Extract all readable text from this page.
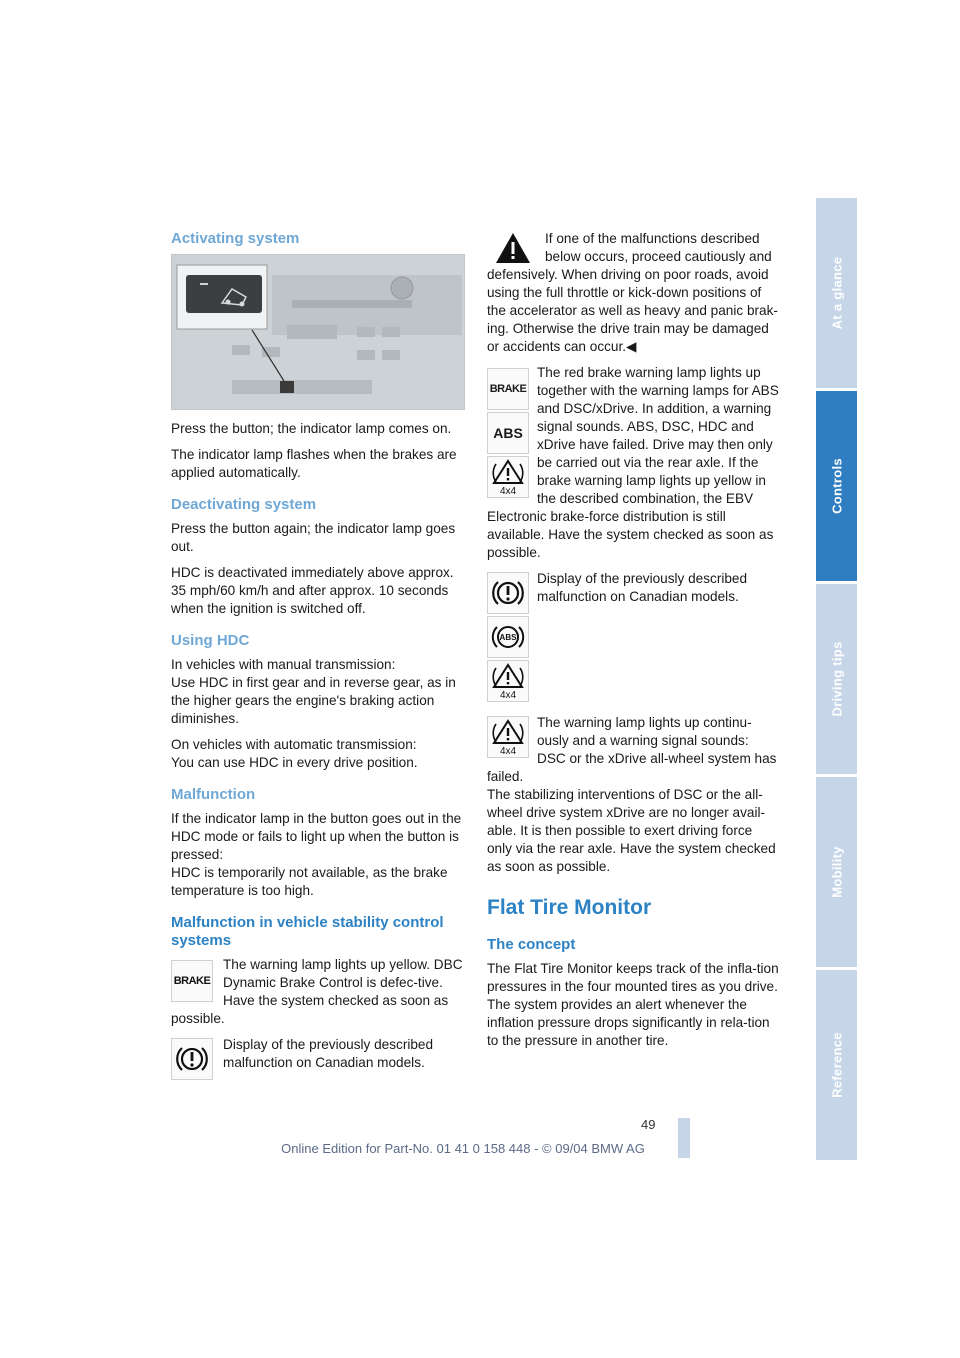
At a glance
Controls
Driving tips
Mobility
Reference
Activating system

Press the button; the indicator lamp comes on.

The indicator lamp flashes when the brakes are applied automatically.

Deactivating system

Press the button again; the indicator lamp goes out.

HDC is deactivated immediately above approx. 35 mph/60 km/h and after approx. 10 seconds when the ignition is switched off.

Using HDC

In vehicles with manual transmission:
Use HDC in first gear and in reverse gear, as in the higher gears the engine's braking action diminishes.

On vehicles with automatic transmission:
You can use HDC in every drive position.

Malfunction

If the indicator lamp in the button goes out in the HDC mode or fails to light up when the button is pressed:
HDC is temporarily not available, as the brake temperature is too high.

Malfunction in vehicle stability control systems
BRAKE

The warning lamp lights up yellow. DBC Dynamic Brake Control is defec-tive. Have the system checked as soon as possible.

Display of the previously described malfunction on Canadian models.

If one of the malfunctions described below occurs, proceed cautiously and defensively. When driving on poor roads, avoid using the full throttle or kick-down positions of the accelerator as well as heavy and panic brak-ing. Otherwise the drive train may be damaged or accidents can occur.◀

BRAKE
ABS
4x4

The red brake warning lamp lights up together with the warning lamps for ABS and DSC/xDrive. In addition, a warning signal sounds. ABS, DSC, HDC and xDrive have failed. Drive may then only be carried out via the rear axle. If the brake warning lamp lights up yellow in the described combination, the EBV Electronic brake-force distribution is still available. Have the system checked as soon as possible.

ABS
4x4

Display of the previously described malfunction on Canadian models.

4x4

The warning lamp lights up continu-ously and a warning signal sounds: DSC or the xDrive all-wheel system has failed.

The stabilizing interventions of DSC or the all-wheel drive system xDrive are no longer avail-able. It is then possible to exert driving force only via the rear axle. Have the system checked as soon as possible.

Flat Tire Monitor
The concept

The Flat Tire Monitor keeps track of the infla-tion pressures in the four mounted tires as you drive. The system provides an alert whenever the inflation pressure drops significantly in rela-tion to the pressure in another tire.

49
Online Edition for Part-No. 01 41 0 158 448 - © 09/04 BMW AG
